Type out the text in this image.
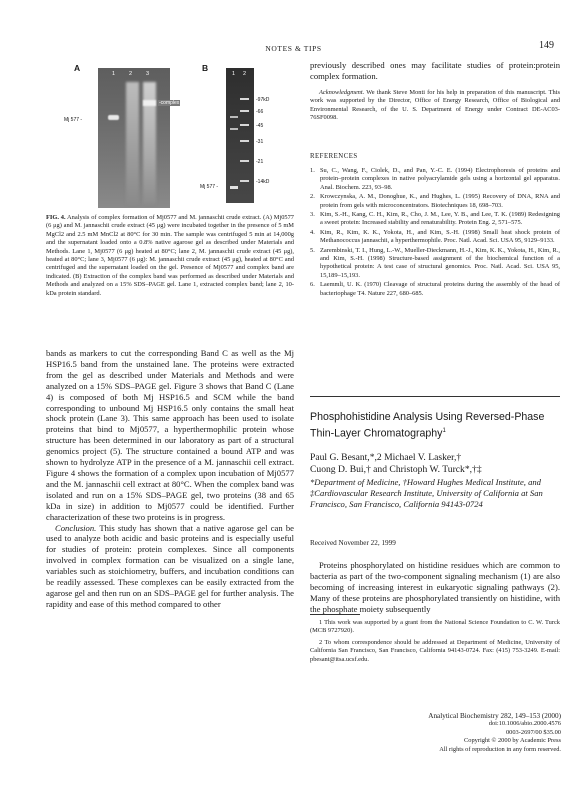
NOTES & TIPS	149
A
1	2	3
Mj 577 -
-complex
B
1 2
-97kD
-66
-45
-31
-21
-14kD
Mj 577 -
FIG. 4. Analysis of complex formation of Mj0577 and M. jannaschii crude extract. (A) Mj0577 (6 μg) and M. jannaschii crude extract (45 μg) were incubated together in the presence of 5 mM MgCl2 and 2.5 mM MnCl2 at 80°C for 30 min. The sample was centrifuged 5 min at 14,000g and the supernatant loaded onto a 0.8% native agarose gel as described under Materials and Methods. Lane 1, Mj0577 (6 μg) heated at 80°C; lane 2, M. jannaschii crude extract (45 μg), heated at 80°C; lane 3, Mj0577 (6 μg): M. jannaschii crude extract (45 μg), heated at 80°C and centrifuged and the supernatant loaded on the gel. Presence of Mj0577 and complex band are indicated. (B) Extraction of the complex band was performed as described under Materials and Methods and analyzed on a 15% SDS–PAGE gel. Lane 1, extracted complex band; lane 2, 10-kDa protein standard.

bands as markers to cut the corresponding Band C as well as the Mj HSP16.5 band from the unstained lane. The proteins were extracted from the gel as described under Materials and Methods and were analyzed on a 15% SDS–PAGE gel. Figure 3 shows that Band C (Lane 4) is composed of both Mj HSP16.5 and SCM while the band corresponding to unbound Mj HSP16.5 only contains the small heat shock protein (Lane 3). This same approach has been used to isolate proteins that bind to Mj0577, a hyperthermophilic protein whose structure has been determined in our laboratory as part of a structural genomics project (5). The structure contained a bound ATP and was shown to hydrolyze ATP in the presence of a M. jannaschii cell extract. Figure 4 shows the formation of a complex upon incubation of Mj0577 and the M. jannaschii cell extract at 80°C. When the complex band was isolated and run on a 15% SDS–PAGE gel, two proteins (38 and 65 kDa in size) in addition to Mj0577 could be identified. Further characterization of these two proteins is in progress.

Conclusion. This study has shown that a native agarose gel can be used to analyze both acidic and basic proteins and is especially useful for studies of protein: protein complexes. Since all components involved in complex formation can be visualized on a single lane, variables such as stoichiometry, buffers, and incubation conditions can be readily assessed. These complexes can be easily extracted from the agarose gel and then run on an SDS–PAGE gel for further analysis. The rapidity and ease of this method compared to other

previously described ones may facilitate studies of protein:protein complex formation.
Acknowledgment. We thank Steve Monti for his help in preparation of this manuscript. This work was supported by the Director, Office of Energy Research, Office of Biological and Environmental Research, of the U. S. Department of Energy under Contract DE-AC03-76SF0098.
REFERENCES
1. Su, C., Wang, F., Ciolek, D., and Pan, Y.-C. E. (1994) Electrophoresis of proteins and protein–protein complexes in native polyacrylamide gels using a horizontal gel apparatus. Anal. Biochem. 223, 93–98.
2. Krowczynska, A. M., Donoghue, K., and Hughes, L. (1995) Recovery of DNA, RNA and protein from gels with microconcentrators. Biotechniques 18, 698–703.
3. Kim, S.-H., Kang, C. H., Kim, R., Cho, J. M., Lee, Y. B., and Lee, T. K. (1989) Redesigning a sweet protein: Increased stability and renaturability. Protein Eng. 2, 571–575.
4. Kim, R., Kim, K. K., Yokota, H., and Kim, S.-H. (1998) Small heat shock protein of Methanococcus jannaschii, a hyperthermophile. Proc. Natl. Acad. Sci. USA 95, 9129–9133.
5. Zarembinski, T. I., Hung, L.-W., Mueller-Dieckmann, H.-J., Kim, K. K., Yokota, H., Kim, R., and Kim, S.-H. (1998) Structure-based assignment of the biochemical function of a hypothetical protein: A test case of structural genomics. Proc. Natl. Acad. Sci. USA 95, 15,189–15,193.
6. Laemmli, U. K. (1970) Cleavage of structural proteins during the assembly of the head of bacteriophage T4. Nature 227, 680–685.
Phosphohistidine Analysis Using Reversed-Phase Thin-Layer Chromatography$^1$
Paul G. Besant,*,2 Michael V. Lasker,†
Cuong D. Bui,† and Christoph W. Turck*,†‡
*Department of Medicine, †Howard Hughes Medical Institute, and ‡Cardiovascular Research Institute, University of California at San Francisco, San Francisco, California 94143-0724
Received November 22, 1999

Proteins phosphorylated on histidine residues which are common to bacteria as part of the two-component signaling mechanism (1) are also becoming of increasing interest in eukaryotic signaling pathways (2). Many of these proteins are phosphorylated transiently on histidine, with the phosphate moiety subsequently

1 This work was supported by a grant from the National Science Foundation to C. W. Turck (MCB 9727920).
2 To whom correspondence should be addressed at Department of Medicine, University of California San Francisco, San Francisco, California 94143-0724. Fax: (415) 753-3249. E-mail: pbesant@itsa.ucsf.edu.
Analytical Biochemistry 282, 149–153 (2000)
doi:10.1006/abio.2000.4576
0003-2697/00 $35.00
Copyright © 2000 by Academic Press
All rights of reproduction in any form reserved.
